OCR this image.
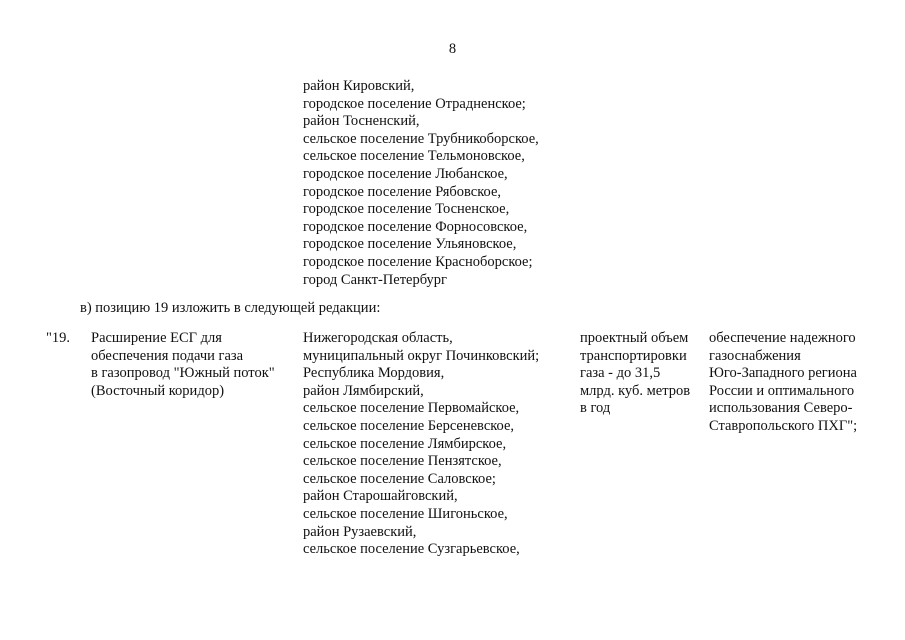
8
район Кировский,
городское поселение Отрадненское;
район Тосненский,
сельское поселение Трубникоборское,
сельское поселение Тельмоновское,
городское поселение Любанское,
городское поселение Рябовское,
городское поселение Тосненское,
городское поселение Форносовское,
городское поселение Ульяновское,
городское поселение Красноборское;
город Санкт-Петербург
в) позицию 19 изложить в следующей редакции:
"19.	Расширение ЕСГ для
обеспечения подачи газа
в газопровод "Южный поток"
(Восточный коридор)
Нижегородская область,
муниципальный округ Починковский;
Республика Мордовия,
район Лямбирский,
сельское поселение Первомайское,
сельское поселение Берсеневское,
сельское поселение Лямбирское,
сельское поселение Пензятское,
сельское поселение Саловское;
район Старошайговский,
сельское поселение Шигоньское,
район Рузаевский,
сельское поселение Сузгарьевское,
проектный объем
транспортировки
газа - до 31,5
млрд. куб. метров
в год
обеспечение надежного
газоснабжения
Юго-Западного региона
России и оптимального
использования Северо-
Ставропольского ПХГ";
